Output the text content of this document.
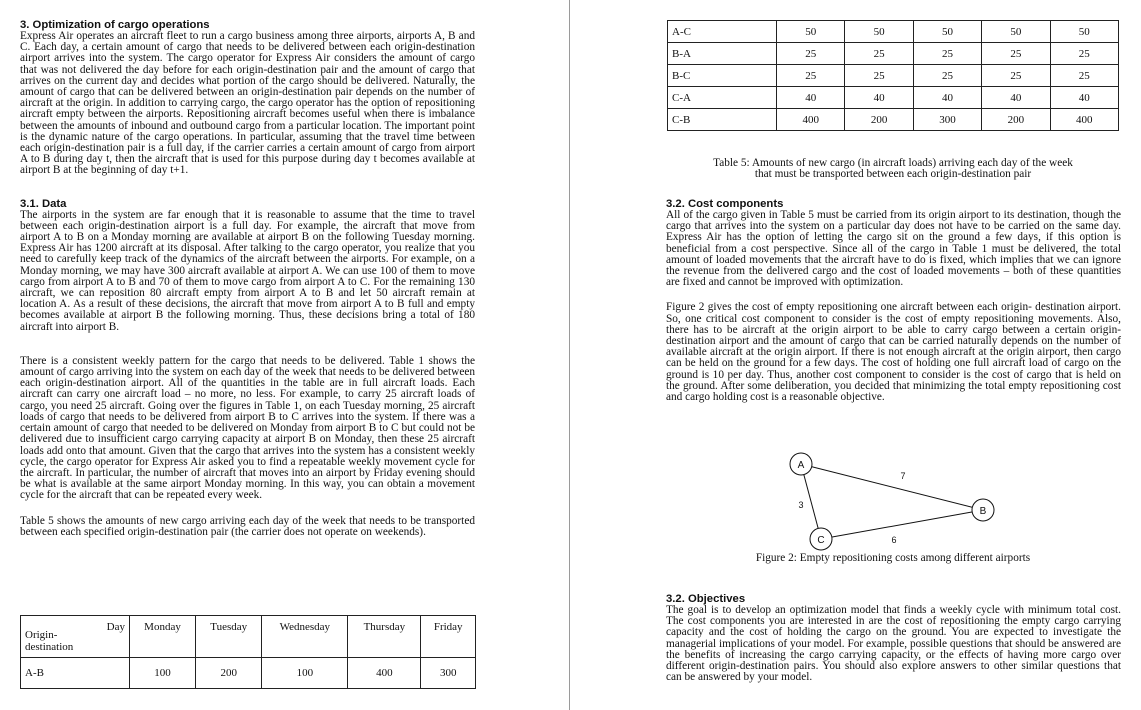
3. Optimization of cargo operations

Express Air operates an aircraft fleet to run a cargo business among three airports, airports A, B and C. Each day, a certain amount of cargo that needs to be delivered between each origin-destination airport arrives into the system. The cargo operator for Express Air considers the amount of cargo that was not delivered the day before for each origin-destination pair and the amount of cargo that arrives on the current day and decides what portion of the cargo should be delivered. Naturally, the amount of cargo that can be delivered between an origin-destination pair depends on the number of aircraft at the origin. In addition to carrying cargo, the cargo operator has the option of repositioning aircraft empty between the airports. Repositioning aircraft becomes useful when there is imbalance between the amounts of inbound and outbound cargo from a particular location. The important point is the dynamic nature of the cargo operations. In particular, assuming that the travel time between each origin-destination pair is a full day, if the carrier carries a certain amount of cargo from airport A to B during day t, then the aircraft that is used for this purpose during day t becomes available at airport B at the beginning of day t+1.

3.1. Data

The airports in the system are far enough that it is reasonable to assume that the time to travel between each origin-destination airport is a full day. For example, the aircraft that move from airport A to B on a Monday morning are available at airport B on the following Tuesday morning. Express Air has 1200 aircraft at its disposal. After talking to the cargo operator, you realize that you need to carefully keep track of the dynamics of the aircraft between the airports. For example, on a Monday morning, we may have 300 aircraft available at airport A. We can use 100 of them to move cargo from airport A to B and 70 of them to move cargo from airport A to C. For the remaining 130 aircraft, we can reposition 80 aircraft empty from airport A to B and let 50 aircraft remain at location A. As a result of these decisions, the aircraft that move from airport A to B full and empty becomes available at airport B the following morning. Thus, these decisions bring a total of 180 aircraft into airport B.

There is a consistent weekly pattern for the cargo that needs to be delivered. Table 1 shows the amount of cargo arriving into the system on each day of the week that needs to be delivered between each origin-destination airport. All of the quantities in the table are in full aircraft loads. Each aircraft can carry one aircraft load – no more, no less. For example, to carry 25 aircraft loads of cargo, you need 25 aircraft. Going over the figures in Table 1, on each Tuesday morning, 25 aircraft loads of cargo that needs to be delivered from airport B to C arrives into the system. If there was a certain amount of cargo that needed to be delivered on Monday from airport B to C but could not be delivered due to insufficient cargo carrying capacity at airport B on Monday, then these 25 aircraft loads add onto that amount. Given that the cargo that arrives into the system has a consistent weekly cycle, the cargo operator for Express Air asked you to find a repeatable weekly movement cycle for the aircraft. In particular, the number of aircraft that moves into an airport by Friday evening should be what is available at the same airport Monday morning. In this way, you can obtain a movement cycle for the aircraft that can be repeated every week.

Table 5 shows the amounts of new cargo arriving each day of the week that needs to be transported between each specified origin-destination pair (the carrier does not operate on weekends).

Day
Origin-destination	Monday	Tuesday	Wednesday	Thursday	Friday
A-B	100	200	100	400	300
A-C	50	50	50	50	50
B-A	25	25	25	25	25
B-C	25	25	25	25	25
C-A	40	40	40	40	40
C-B	400	200	300	200	400
Table 5: Amounts of new cargo (in aircraft loads) arriving each day of the week
that must be transported between each origin-destination pair
3.2. Cost components

All of the cargo given in Table 5 must be carried from its origin airport to its destination, though the cargo that arrives into the system on a particular day does not have to be carried on the same day. Express Air has the option of letting the cargo sit on the ground a few days, if this option is beneficial from a cost perspective. Since all of the cargo in Table 1 must be delivered, the total amount of loaded movements that the aircraft have to do is fixed, which implies that we can ignore the revenue from the delivered cargo and the cost of loaded movements – both of these quantities are fixed and cannot be improved with optimization.

Figure 2 gives the cost of empty repositioning one aircraft between each origin- destination airport. So, one critical cost component to consider is the cost of empty repositioning movements. Also, there has to be aircraft at the origin airport to be able to carry cargo between a certain origin-destination airport and the amount of cargo that can be carried naturally depends on the number of available aircraft at the origin airport. If there is not enough aircraft at the origin airport, then cargo can be held on the ground for a few days. The cost of holding one full aircraft load of cargo on the ground is 10 per day. Thus, another cost component to consider is the cost of cargo that is held on the ground. After some deliberation, you decided that minimizing the total empty repositioning cost and cargo holding cost is a reasonable objective.

A
B
C
7
3
6
Figure 2: Empty repositioning costs among different airports
3.2. Objectives

The goal is to develop an optimization model that finds a weekly cycle with minimum total cost. The cost components you are interested in are the cost of repositioning the empty cargo carrying capacity and the cost of holding the cargo on the ground. You are expected to investigate the managerial implications of your model. For example, possible questions that should be answered are the benefits of increasing the cargo carrying capacity, or the effects of having more cargo over different origin-destination pairs. You should also explore answers to other similar questions that can be answered by your model.
